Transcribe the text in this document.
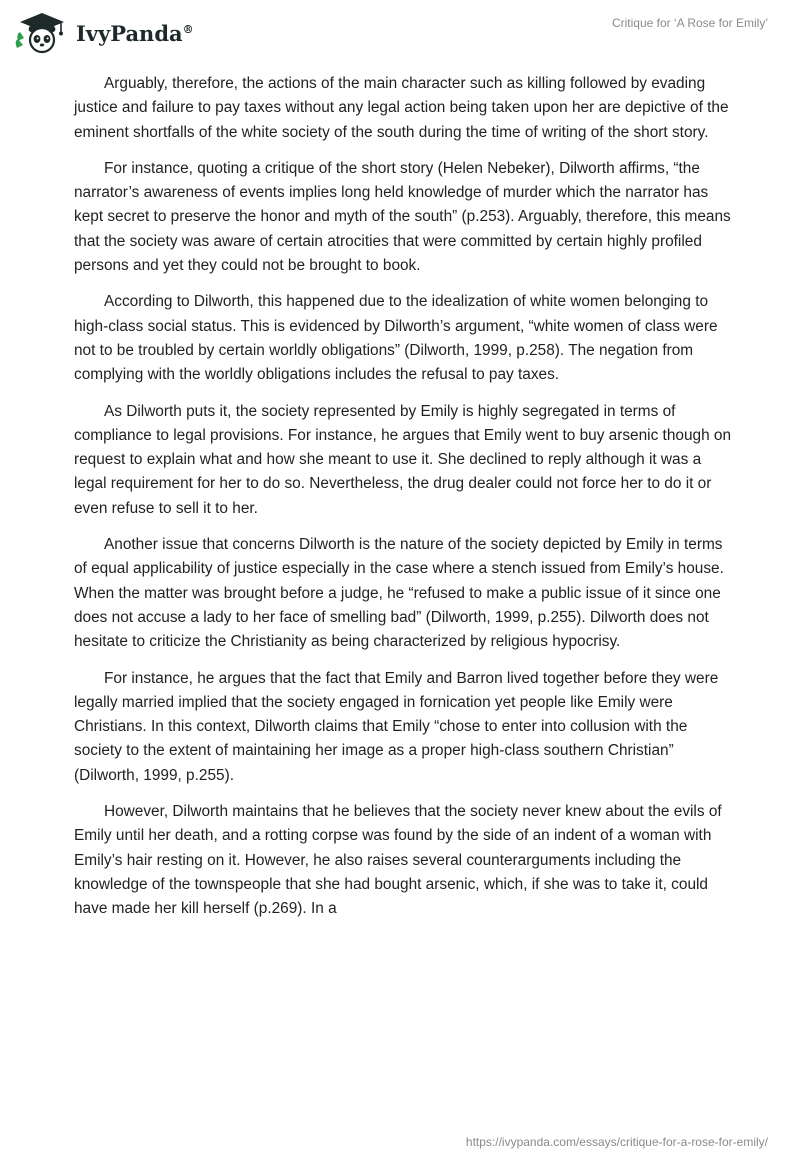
IvyPanda®	Critique for ‘A Rose for Emily’

Arguably, therefore, the actions of the main character such as killing followed by evading justice and failure to pay taxes without any legal action being taken upon her are depictive of the eminent shortfalls of the white society of the south during the time of writing of the short story.

For instance, quoting a critique of the short story (Helen Nebeker), Dilworth affirms, “the narrator’s awareness of events implies long held knowledge of murder which the narrator has kept secret to preserve the honor and myth of the south” (p.253). Arguably, therefore, this means that the society was aware of certain atrocities that were committed by certain highly profiled persons and yet they could not be brought to book.

According to Dilworth, this happened due to the idealization of white women belonging to high-class social status. This is evidenced by Dilworth’s argument, “white women of class were not to be troubled by certain worldly obligations” (Dilworth, 1999, p.258). The negation from complying with the worldly obligations includes the refusal to pay taxes.

As Dilworth puts it, the society represented by Emily is highly segregated in terms of compliance to legal provisions. For instance, he argues that Emily went to buy arsenic though on request to explain what and how she meant to use it. She declined to reply although it was a legal requirement for her to do so. Nevertheless, the drug dealer could not force her to do it or even refuse to sell it to her.

Another issue that concerns Dilworth is the nature of the society depicted by Emily in terms of equal applicability of justice especially in the case where a stench issued from Emily’s house. When the matter was brought before a judge, he “refused to make a public issue of it since one does not accuse a lady to her face of smelling bad” (Dilworth, 1999, p.255). Dilworth does not hesitate to criticize the Christianity as being characterized by religious hypocrisy.

For instance, he argues that the fact that Emily and Barron lived together before they were legally married implied that the society engaged in fornication yet people like Emily were Christians. In this context, Dilworth claims that Emily “chose to enter into collusion with the society to the extent of maintaining her image as a proper high-class southern Christian” (Dilworth, 1999, p.255).

However, Dilworth maintains that he believes that the society never knew about the evils of Emily until her death, and a rotting corpse was found by the side of an indent of a woman with Emily’s hair resting on it. However, he also raises several counterarguments including the knowledge of the townspeople that she had bought arsenic, which, if she was to take it, could have made her kill herself (p.269). In a

https://ivypanda.com/essays/critique-for-a-rose-for-emily/
